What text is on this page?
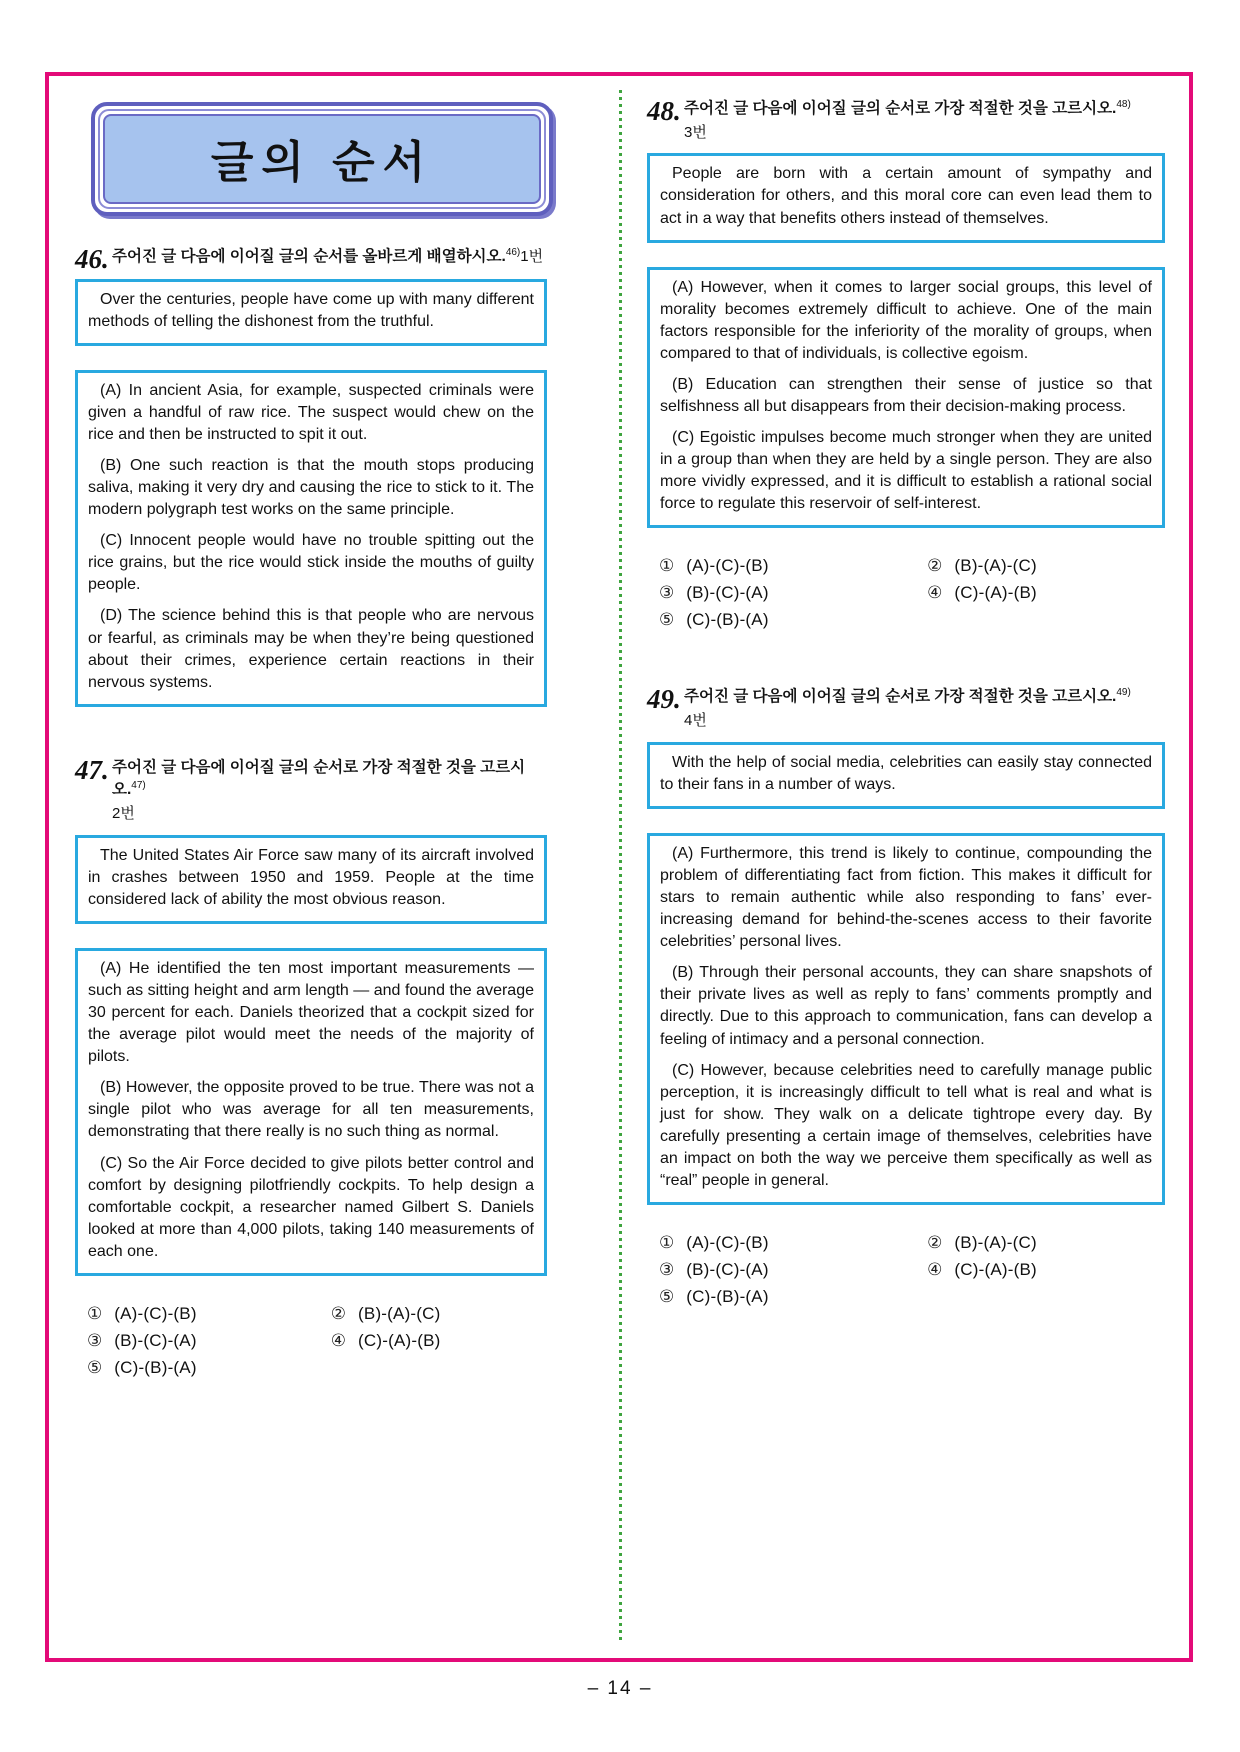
글의 순서
46. 주어진 글 다음에 이어질 글의 순서를 올바르게 배열하시오.$^{46)}$1번

Over the centuries, people have come up with many different methods of telling the dishonest from the truthful.

(A) In ancient Asia, for example, suspected criminals were given a handful of raw rice. The suspect would chew on the rice and then be instructed to spit it out.

(B) One such reaction is that the mouth stops producing saliva, making it very dry and causing the rice to stick to it. The modern polygraph test works on the same principle.

(C) Innocent people would have no trouble spitting out the rice grains, but the rice would stick inside the mouths of guilty people.

(D) The science behind this is that people who are nervous or fearful, as criminals may be when they’re being questioned about their crimes, experience certain reactions in their nervous systems.

47. 주어진 글 다음에 이어질 글의 순서로 가장 적절한 것을 고르시오.$^{47)}$
2번

The United States Air Force saw many of its aircraft involved in crashes between 1950 and 1959. People at the time considered lack of ability the most obvious reason.

(A) He identified the ten most important measurements — such as sitting height and arm length — and found the average 30 percent for each. Daniels theorized that a cockpit sized for the average pilot would meet the needs of the majority of pilots.

(B) However, the opposite proved to be true. There was not a single pilot who was average for all ten measurements, demonstrating that there really is no such thing as normal.

(C) So the Air Force decided to give pilots better control and comfort by designing pilotfriendly cockpits. To help design a comfortable cockpit, a researcher named Gilbert S. Daniels looked at more than 4,000 pilots, taking 140 measurements of each one.

① (A)-(C)-(B)	② (B)-(A)-(C)
③ (B)-(C)-(A)	④ (C)-(A)-(B)
⑤ (C)-(B)-(A)
48. 주어진 글 다음에 이어질 글의 순서로 가장 적절한 것을 고르시오.$^{48)}$
3번

People are born with a certain amount of sympathy and consideration for others, and this moral core can even lead them to act in a way that benefits others instead of themselves.

(A) However, when it comes to larger social groups, this level of morality becomes extremely difficult to achieve. One of the main factors responsible for the inferiority of the morality of groups, when compared to that of individuals, is collective egoism.

(B) Education can strengthen their sense of justice so that selfishness all but disappears from their decision-making process.

(C) Egoistic impulses become much stronger when they are united in a group than when they are held by a single person. They are also more vividly expressed, and it is difficult to establish a rational social force to regulate this reservoir of self-interest.

① (A)-(C)-(B)	② (B)-(A)-(C)
③ (B)-(C)-(A)	④ (C)-(A)-(B)
⑤ (C)-(B)-(A)
49. 주어진 글 다음에 이어질 글의 순서로 가장 적절한 것을 고르시오.$^{49)}$
4번

With the help of social media, celebrities can easily stay connected to their fans in a number of ways.

(A) Furthermore, this trend is likely to continue, compounding the problem of differentiating fact from fiction. This makes it difficult for stars to remain authentic while also responding to fans’ ever-increasing demand for behind-the-scenes access to their favorite celebrities’ personal lives.

(B) Through their personal accounts, they can share snapshots of their private lives as well as reply to fans’ comments promptly and directly. Due to this approach to communication, fans can develop a feeling of intimacy and a personal connection.

(C) However, because celebrities need to carefully manage public perception, it is increasingly difficult to tell what is real and what is just for show. They walk on a delicate tightrope every day. By carefully presenting a certain image of themselves, celebrities have an impact on both the way we perceive them specifically as well as “real” people in general.

① (A)-(C)-(B)	② (B)-(A)-(C)
③ (B)-(C)-(A)	④ (C)-(A)-(B)
⑤ (C)-(B)-(A)
– 14 –
